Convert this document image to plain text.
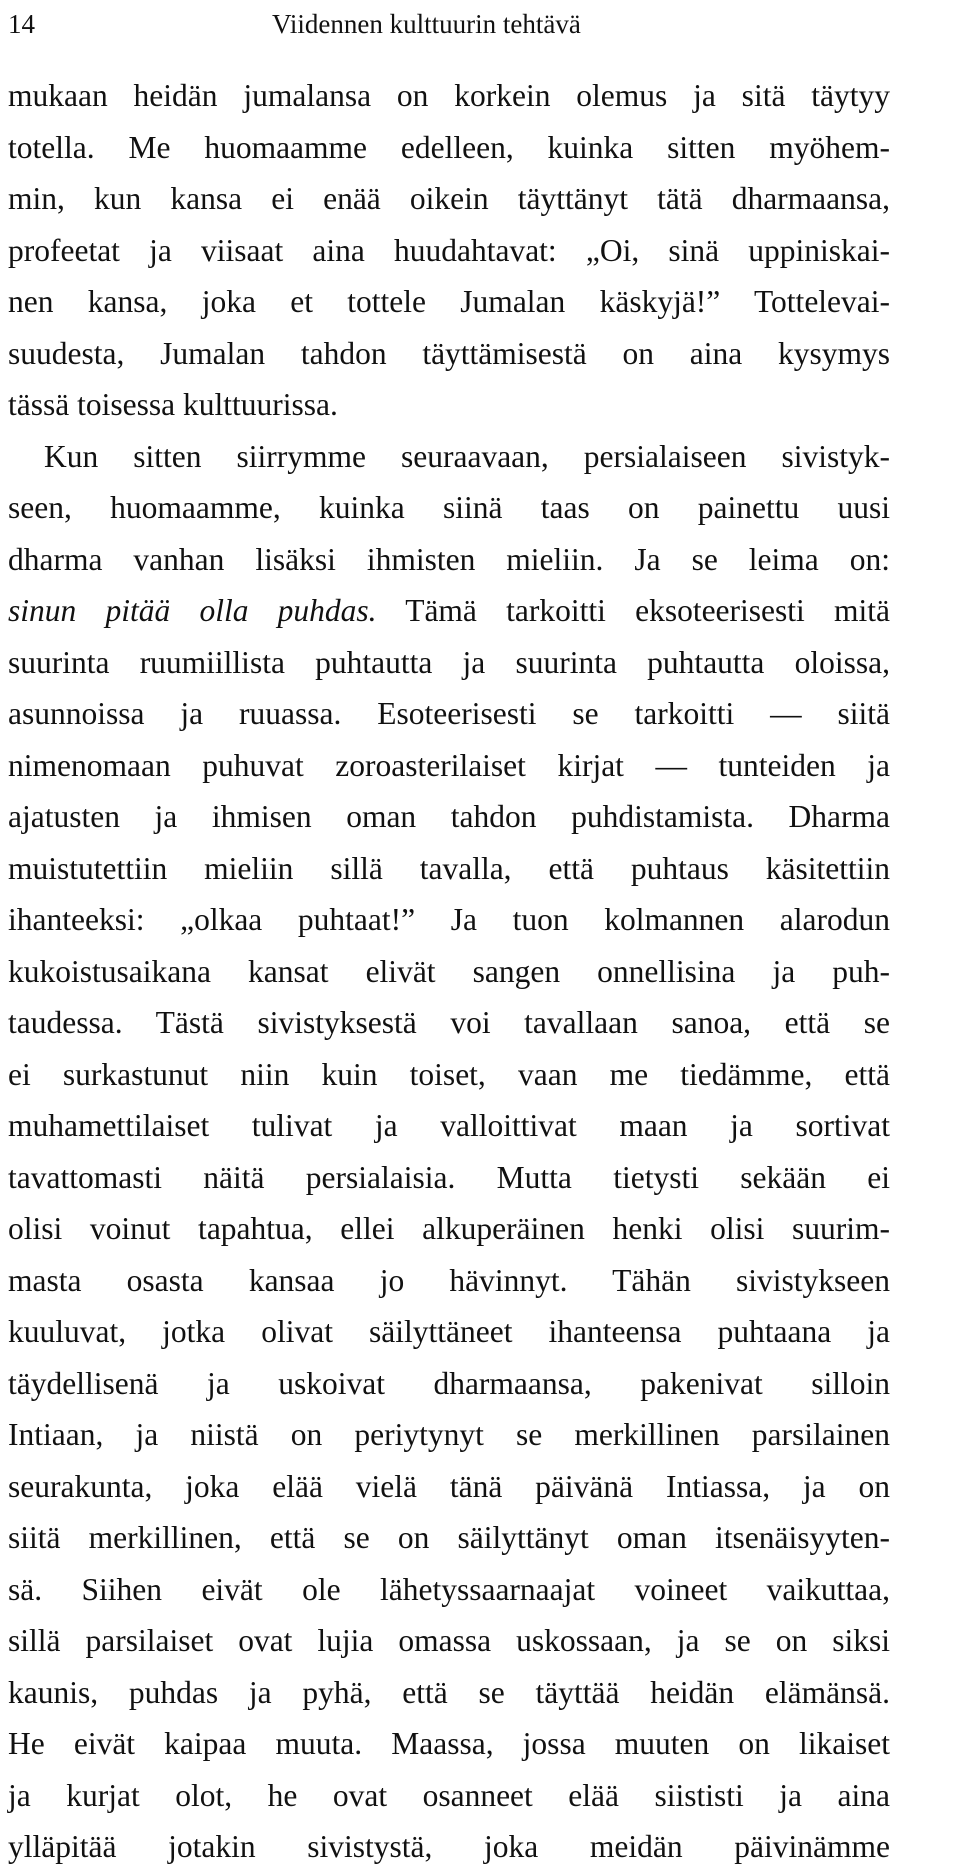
14	Viidennen kulttuurin tehtävä
mukaan heidän jumalansa on korkein olemus ja sitä täytyy
totella. Me huomaamme edelleen, kuinka sitten myöhem-
min, kun kansa ei enää oikein täyttänyt tätä dharmaansa,
profeetat ja viisaat aina huudahtavat: „Oi, sinä uppiniskai-
nen kansa, joka et tottele Jumalan käskyjä!” Tottelevai-
suudesta, Jumalan tahdon täyttämisestä on aina kysymys
tässä toisessa kulttuurissa.
Kun sitten siirrymme seuraavaan, persialaiseen sivistyk-
seen, huomaamme, kuinka siinä taas on painettu uusi
dharma vanhan lisäksi ihmisten mieliin. Ja se leima on:
sinun pitää olla puhdas. Tämä tarkoitti eksoteerisesti mitä
suurinta ruumiillista puhtautta ja suurinta puhtautta oloissa,
asunnoissa ja ruuassa. Esoteerisesti se tarkoitti — siitä
nimenomaan puhuvat zoroasterilaiset kirjat — tunteiden ja
ajatusten ja ihmisen oman tahdon puhdistamista. Dharma
muistutettiin mieliin sillä tavalla, että puhtaus käsitettiin
ihanteeksi: „olkaa puhtaat!” Ja tuon kolmannen alarodun
kukoistusaikana kansat elivät sangen onnellisina ja puh-
taudessa. Tästä sivistyksestä voi tavallaan sanoa, että se
ei surkastunut niin kuin toiset, vaan me tiedämme, että
muhamettilaiset tulivat ja valloittivat maan ja sortivat
tavattomasti näitä persialaisia. Mutta tietysti sekään ei
olisi voinut tapahtua, ellei alkuperäinen henki olisi suurim-
masta osasta kansaa jo hävinnyt. Tähän sivistykseen
kuuluvat, jotka olivat säilyttäneet ihanteensa puhtaana ja
täydellisenä ja uskoivat dharmaansa, pakenivat silloin
Intiaan, ja niistä on periytynyt se merkillinen parsilainen
seurakunta, joka elää vielä tänä päivänä Intiassa, ja on
siitä merkillinen, että se on säilyttänyt oman itsenäisyyten-
sä. Siihen eivät ole lähetyssaarnaajat voineet vaikuttaa,
sillä parsilaiset ovat lujia omassa uskossaan, ja se on siksi
kaunis, puhdas ja pyhä, että se täyttää heidän elämänsä.
He eivät kaipaa muuta. Maassa, jossa muuten on likaiset
ja kurjat olot, he ovat osanneet elää siististi ja aina
ylläpitää jotakin sivistystä, joka meidän päivinämme
